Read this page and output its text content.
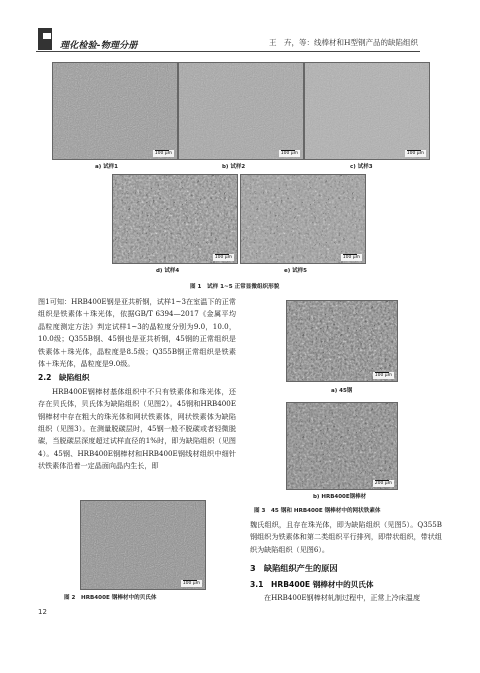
理化检验-物理分册	王　卉，等：线棒材和H型钢产品的缺陷组织
100 μm
a) 试样1
100 μm
b) 试样2
100 μm
c) 试样3
100 μm
d) 试样4
100 μm
e) 试样5
图 1　试样 1~5 正常显微组织形貌

图1可知：HRB400E钢是亚共析钢，试样1~3在室温下的正常组织是铁素体＋珠光体，依据GB/T 6394—2017《金属平均晶粒度测定方法》判定试样1~3的晶粒度分别为9.0，10.0，10.0级；Q355B钢、45钢也是亚共析钢，45钢的正常组织是铁素体＋珠光体，晶粒度是8.5级；Q355B钢正常组织是铁素体＋珠光体，晶粒度是9.0级。

2.2　缺陷组织

HRB400E钢棒材基体组织中不只有铁素体和珠光体，还存在贝氏体，贝氏体为缺陷组织（见图2）。45钢和HRB400E钢棒材中存在粗大的珠光体和网状铁素体，网状铁素体为缺陷组织（见图3）。在测量脱碳层时，45钢一般不脱碳或者轻微脱碳，当脱碳层深度超过试样直径的1%时，即为缺陷组织（见图4）。45钢、HRB400E钢棒材和HRB400E钢线材组织中细针状铁素体沿着一定晶面向晶内生长，即

100 μm
图 2　HRB400E 钢棒材中的贝氏体
100 μm
a) 45钢
200 μm
b) HRB400E钢棒材
图 3　45 钢和 HRB400E 钢棒材中的网状铁素体

魏氏组织，且存在珠光体，即为缺陷组织（见图5）。Q355B钢组织为铁素体和第二类组织平行排列，即带状组织，带状组织为缺陷组织（见图6）。

3　缺陷组织产生的原因
3.1　HRB400E 钢棒材中的贝氏体

在HRB400E钢棒材轧制过程中，正常上冷床温度

12
